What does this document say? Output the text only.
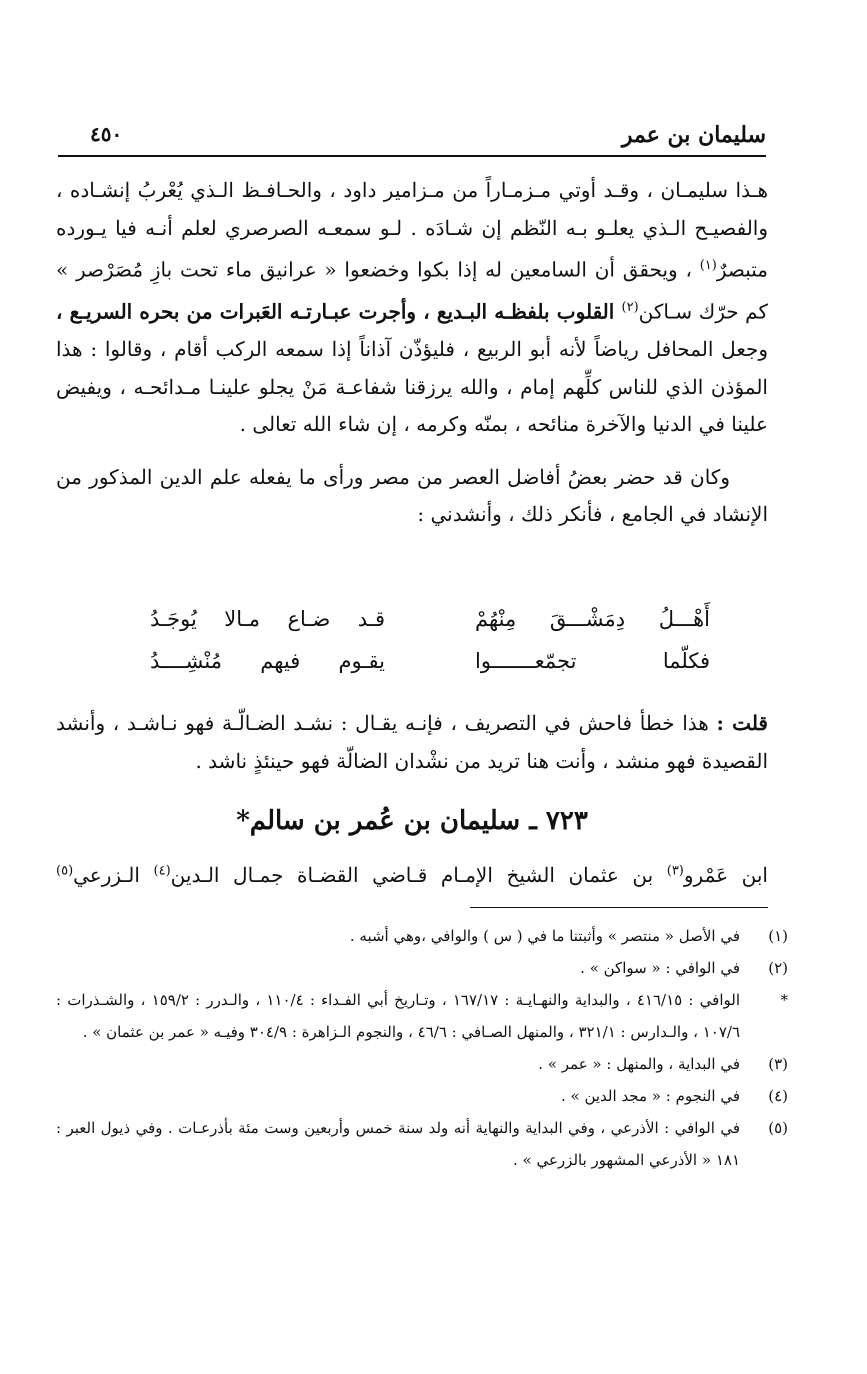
سليمان بن عمر
٤٥٠

هـذا سليمـان ، وقـد أوتي مـزمـاراً من مـزامير داود ، والحـافـظ الـذي يُعْربُ إنشـاده ، والفصيـح الـذي يعلـو بـه النّظم إن شـادَه . لـو سمعـه الصرصري لعلم أنـه فيا يـورده متبصرٌ$^{(١)}$ ، ويحقق أن السامعين له إذا بكوا وخضعوا « عرانيق ماء تحت بازِ مُصَرْصر » كم حرّك سـاكن$^{(٢)}$ القلوب بلفظـه البـديع ، وأجرت عبـارتـه العَبرات من بحره السريـع ، وجعل المحافل رياضاً لأنه أبو الربيع ، فليؤذّن آذاناً إذا سمعه الركب أقام ، وقالوا : هذا المؤذن الذي للناس كلِّهم إمام ، والله يرزقنا شفاعـة مَنْ يجلو علينـا مـدائحـه ، ويفيض علينا في الدنيا والآخرة منائحه ، بمنّه وكرمه ، إن شاء الله تعالى .

وكان قد حضر بعضُ أفاضل العصر من مصر ورأى ما يفعله علم الدين المذكور من الإنشاد في الجامع ، فأنكر ذلك ، وأنشدني :

أَهْـــلُ دِمَشْـــقَ مِنْهُمْ
قـد ضـاع مـالا يُوجَـدُ
فكلّما تجمّعـــــــوا
يقـوم فيهم مُنْشِــــدُ

قلت : هذا خطأ فاحش في التصريف ، فإنـه يقـال : نشـد الضـالّـة فهو نـاشـد ، وأنشد القصيدة فهو منشد ، وأنت هنا تريد من نشْدان الضالّة فهو حينئذٍ ناشد .

٧٢٣ ـ سليمان بن عُمر بن سالم*
ابن عَمْرو$^{(٣)}$ بن عثمان الشيخ الإمـام قـاضي القضـاة جمـال الـدين$^{(٤)}$ الـزرعي$^{(٥)}$
(١)
في الأصل « منتصر » وأثبتنا ما في ( س ) والوافي ،وهي أشبه .
(٢)
في الوافي : « سواكن » .
*
الوافي : ٤١٦/١٥ ، والبداية والنهـايـة : ١٦٧/١٧ ، وتـاريخ أبي الفـداء : ١١٠/٤ ، والـدرر : ١٥٩/٢ ، والشـذرات : ١٠٧/٦ ، والـدارس : ٣٢١/١ ، والمنهل الصـافي : ٤٦/٦ ، والنجوم الـزاهرة : ٣٠٤/٩ وفيـه « عمر بن عثمان » .
(٣)
في البداية ، والمنهل : « عمر » .
(٤)
في النجوم : « مجد الدين » .
(٥)
في الوافي : الأذرعي ، وفي البداية والنهاية أنه ولد سنة خمس وأربعين وست مئة بأذرعـات . وفي ذيول العبر : ١٨١ « الأذرعي المشهور بالزرعي » .
